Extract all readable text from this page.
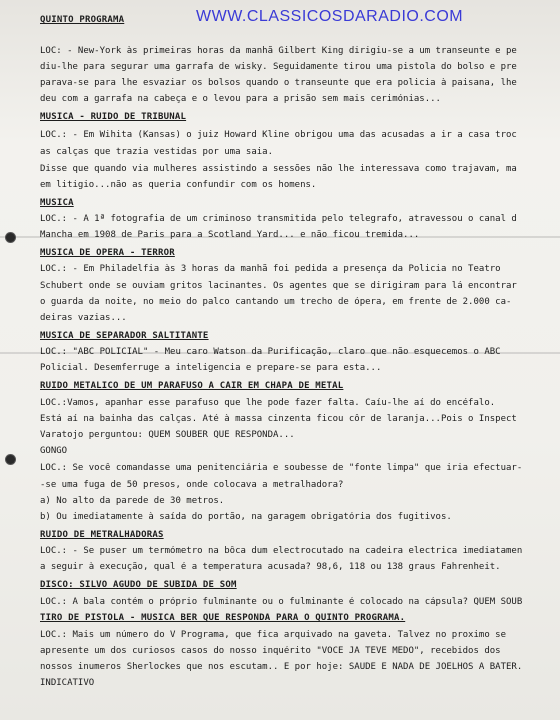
WWW.CLASSICOSDARADIO.COM
QUINTO PROGRAMA
LOC: - New-York às primeiras horas da manhã Gilbert King dirigiu-se a um transeunte e pe
diu-lhe para segurar uma garrafa de wisky. Seguidamente tirou uma pistola do bolso e pre
parava-se para lhe esvaziar os bolsos quando o transeunte que era policia à paisana, lhe
deu com a garrafa na cabeça e o levou para a prisão sem mais cerimónias...
MUSICA - RUIDO DE TRIBUNAL
LOC.: - Em Wihita (Kansas) o juiz Howard Kline obrigou uma das acusadas a ir a casa troc
as calças que trazia vestidas por uma saia.
Disse que quando via mulheres assistindo a sessões não lhe interessava como trajavam, ma
em litigio...não as queria confundir com os homens.
MUSICA
LOC.: - A 1ª fotografia de um criminoso transmitida pelo telegrafo, atravessou o canal d
Mancha em 1908 de Paris para a Scotland Yard... e não ficou tremida...
MUSICA DE OPERA - TERROR
LOC.: - Em Philadelfia às 3 horas da manhã foi pedida a presença da Policia no Teatro
Schubert onde se ouviam gritos lacinantes. Os agentes que se dirigiram para lá encontrar
o guarda da noite, no meio do palco cantando um trecho de ópera, em frente de 2.000 ca-
deiras vazias...
MUSICA DE SEPARADOR SALTITANTE
LOC.: "ABC POLICIAL" - Meu caro Watson da Purificação, claro que não esquecemos o ABC
Policial. Desemferruge a inteligencia e prepare-se para esta...
RUIDO METALICO DE UM PARAFUSO A CAIR EM CHAPA DE METAL
LOC.:Vamos, apanhar esse parafuso que lhe pode fazer falta. Caíu-lhe aí do encéfalo.
Está aí na bainha das calças. Até à massa cinzenta ficou côr de laranja...Pois o Inspect
Varatojo perguntou: QUEM SOUBER QUE RESPONDA...
GONGO
LOC.: Se você comandasse uma penitenciária e soubesse de "fonte limpa" que iria efectuar-
-se uma fuga de 50 presos, onde colocava a metralhadora?
a) No alto da parede de 30 metros.
b) Ou imediatamente à saída do portão, na garagem obrigatória dos fugitivos.
RUIDO DE METRALHADORAS
LOC.: - Se puser um termómetro na bôca dum electrocutado na cadeira electrica imediatamen
a seguir à execução, qual é a temperatura acusada? 98,6, 118 ou 138 graus Fahrenheit.
DISCO: SILVO AGUDO DE SUBIDA DE SOM
LOC.: A bala contém o próprio fulminante ou o fulminante é colocado na cápsula? QUEM SOUB
TIRO DE PISTOLA - MUSICA BER QUE RESPONDA PARA O QUINTO PROGRAMA.
LOC.: Mais um número do V Programa, que fica arquivado na gaveta. Talvez no proximo se
apresente um dos curiosos casos do nosso inquérito "VOCÊ JÁ TEVE MEDO", recebidos dos
nossos inumeros Sherlockes que nos escutam.. E por hoje: SAUDE E NADA DE JOELHOS A BATER.
INDICATIVO
